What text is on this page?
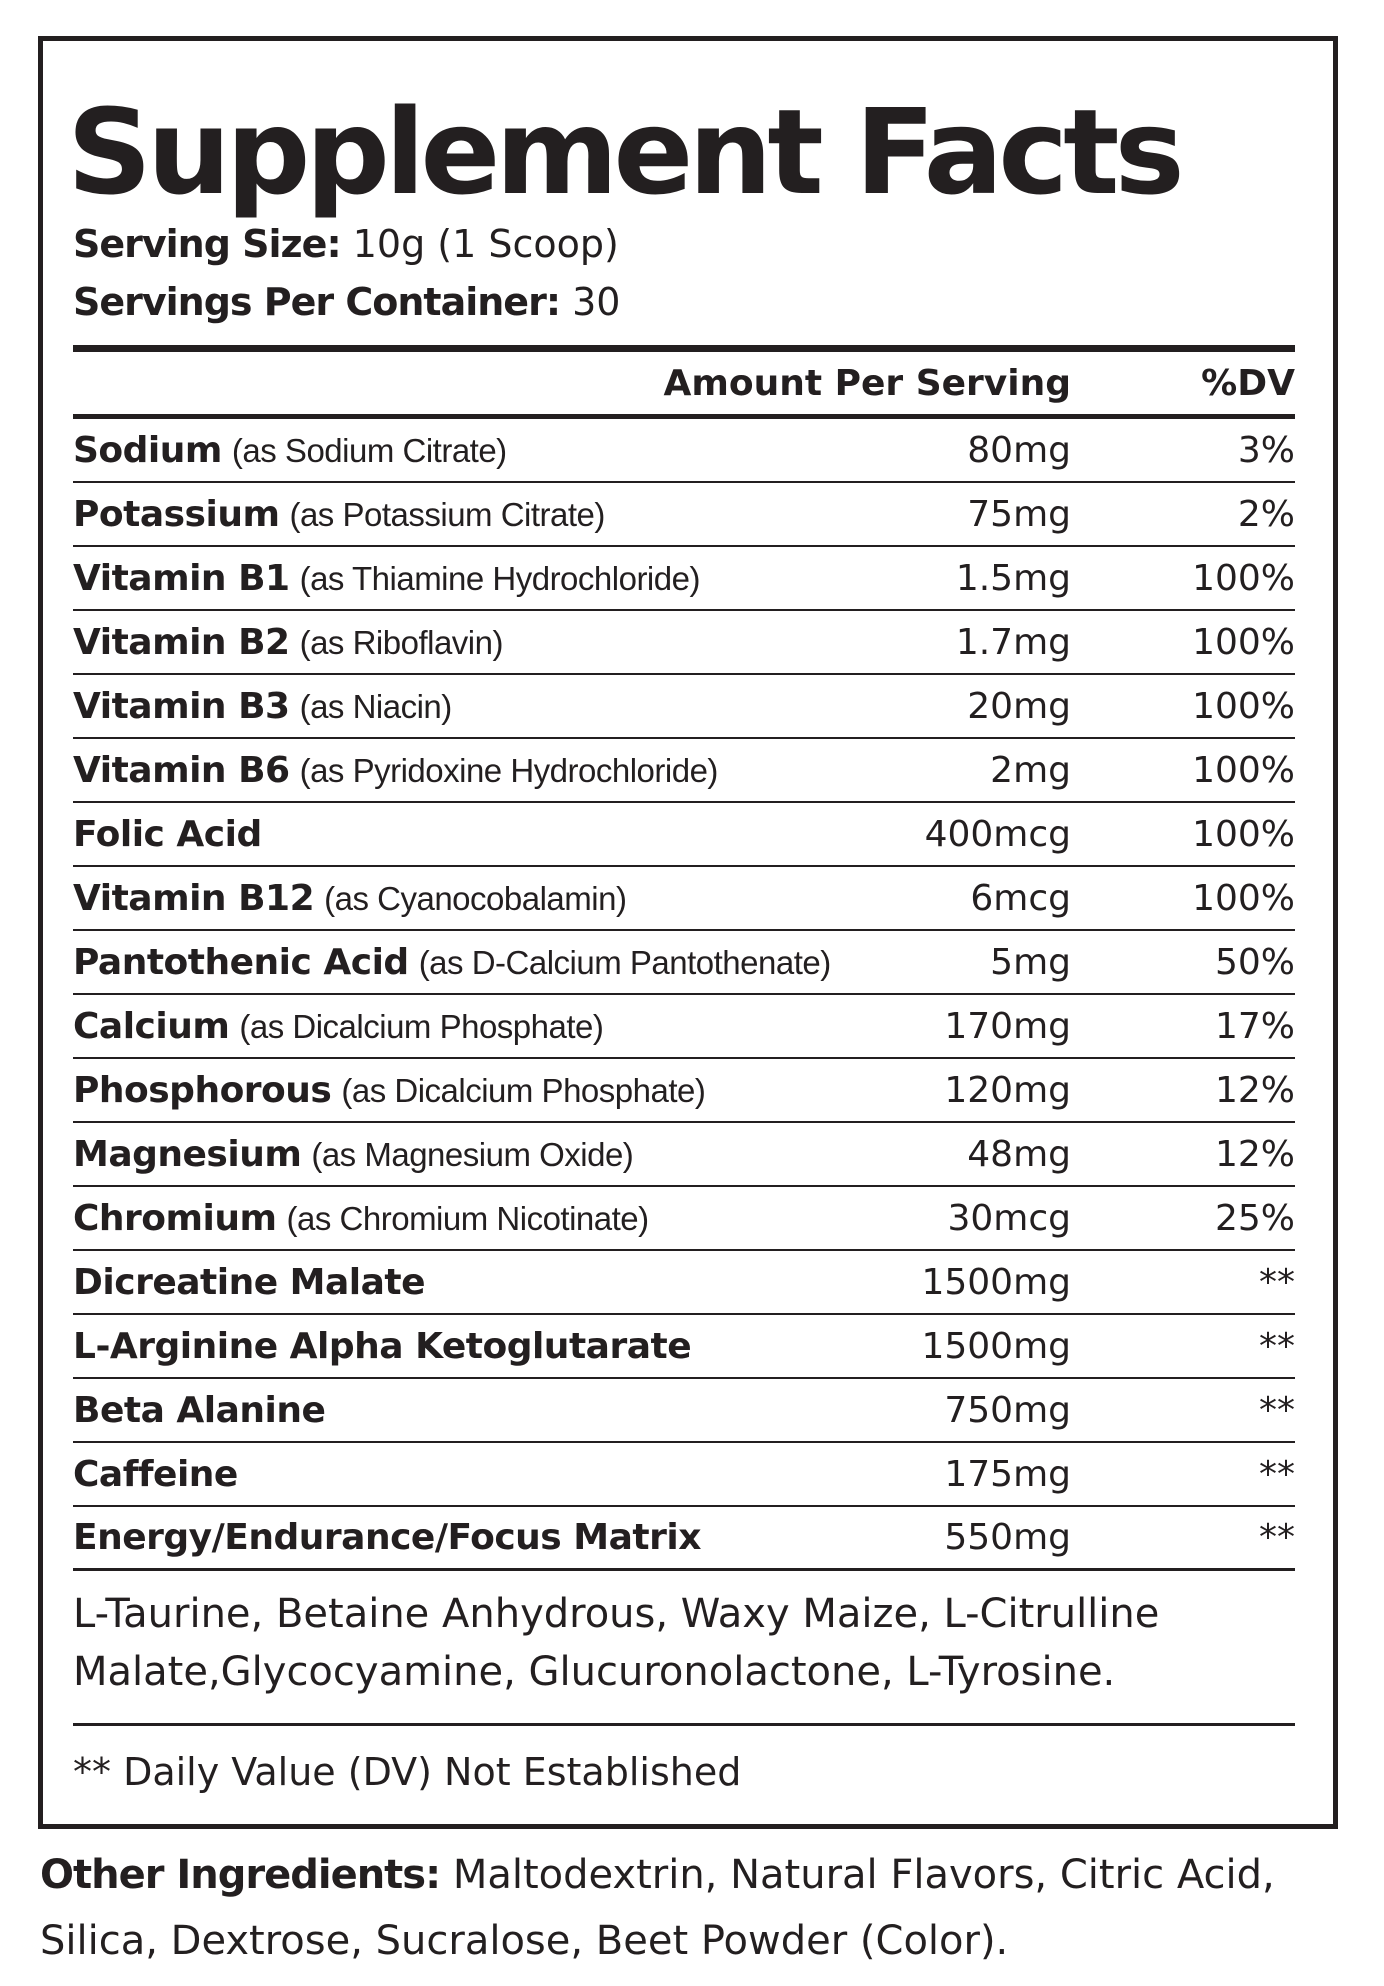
Supplement Facts
Serving Size: 10g (1 Scoop)
Servings Per Container: 30
Amount Per Serving	%DV
Sodium (as Sodium Citrate)	80mg	3%
Potassium (as Potassium Citrate)	75mg	2%
Vitamin B1 (as Thiamine Hydrochloride)	1.5mg	100%
Vitamin B2 (as Riboflavin)	1.7mg	100%
Vitamin B3 (as Niacin)	20mg	100%
Vitamin B6 (as Pyridoxine Hydrochloride)	2mg	100%
Folic Acid	400mcg	100%
Vitamin B12 (as Cyanocobalamin)	6mcg	100%
Pantothenic Acid (as D-Calcium Pantothenate)	5mg	50%
Calcium (as Dicalcium Phosphate)	170mg	17%
Phosphorous (as Dicalcium Phosphate)	120mg	12%
Magnesium (as Magnesium Oxide)	48mg	12%
Chromium (as Chromium Nicotinate)	30mcg	25%
Dicreatine Malate	1500mg	**
L-Arginine Alpha Ketoglutarate	1500mg	**
Beta Alanine	750mg	**
Caffeine	175mg	**
Energy/Endurance/Focus Matrix	550mg	**
L-Taurine, Betaine Anhydrous, Waxy Maize, L-Citrulline Malate,Glycocyamine, Glucuronolactone, L-Tyrosine.
** Daily Value (DV) Not Established
Other Ingredients: Maltodextrin, Natural Flavors, Citric Acid, Silica, Dextrose, Sucralose, Beet Powder (Color).
